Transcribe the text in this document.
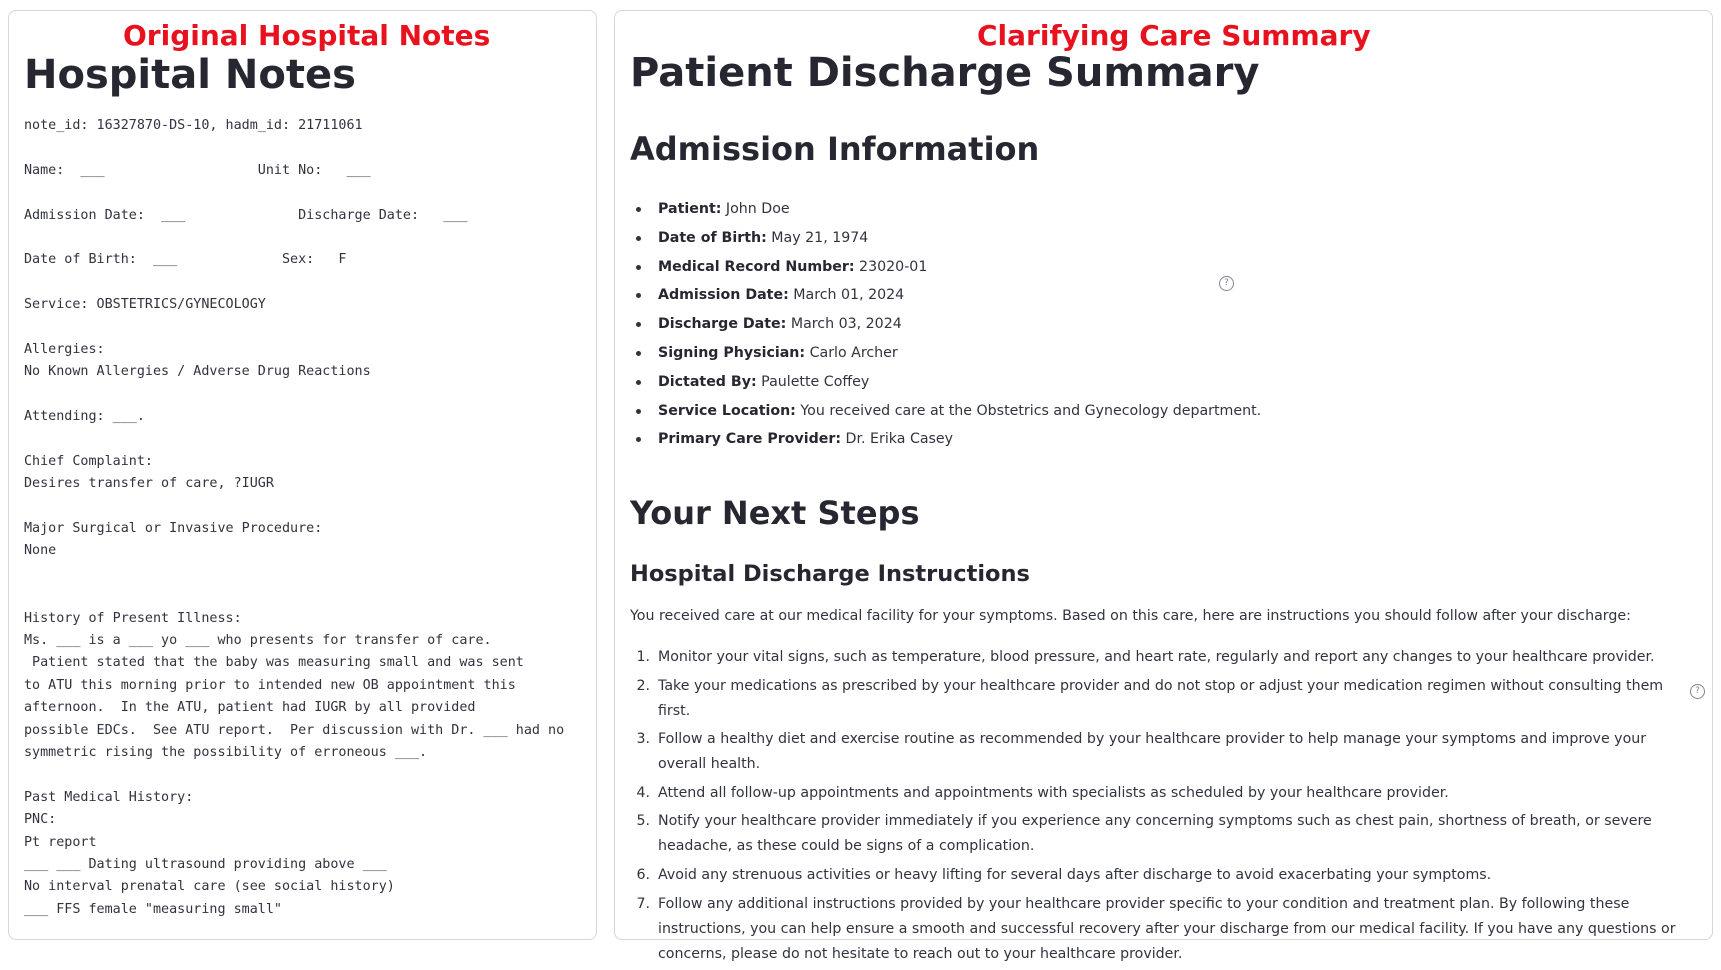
Original Hospital Notes
Hospital Notes
note_id: 16327870-DS-10, hadm_id: 21711061
Name:  ___                   Unit No:   ___
Admission Date:  ___              Discharge Date:   ___
Date of Birth:  ___             Sex:   F
Service: OBSTETRICS/GYNECOLOGY
Allergies:
No Known Allergies / Adverse Drug Reactions
Attending: ___.
Chief Complaint:
Desires transfer of care, ?IUGR
Major Surgical or Invasive Procedure:
None
History of Present Illness:
Ms. ___ is a ___ yo ___ who presents for transfer of care.
Patient stated that the baby was measuring small and was sent
to ATU this morning prior to intended new OB appointment this
afternoon.  In the ATU, patient had IUGR by all provided
possible EDCs.  See ATU report.  Per discussion with Dr. ___ had no
symmetric rising the possibility of erroneous ___.
Past Medical History:
PNC:
Pt report
___ ___ Dating ultrasound providing above ___
No interval prenatal care (see social history)
___ FFS female "measuring small"
Clarifying Care Summary
Patient Discharge Summary
Admission Information
Patient: John Doe
Date of Birth: May 21, 1974
Medical Record Number: 23020-01
Admission Date: March 01, 2024
Discharge Date: March 03, 2024
Signing Physician: Carlo Archer
Dictated By: Paulette Coffey
Service Location: You received care at the Obstetrics and Gynecology department.
Primary Care Provider: Dr. Erika Casey
Your Next Steps
Hospital Discharge Instructions

You received care at our medical facility for your symptoms. Based on this care, here are instructions you should follow after your discharge:

Monitor your vital signs, such as temperature, blood pressure, and heart rate, regularly and report any changes to your healthcare provider.
Take your medications as prescribed by your healthcare provider and do not stop or adjust your medication regimen without consulting them first.
Follow a healthy diet and exercise routine as recommended by your healthcare provider to help manage your symptoms and improve your overall health.
Attend all follow-up appointments and appointments with specialists as scheduled by your healthcare provider.
Notify your healthcare provider immediately if you experience any concerning symptoms such as chest pain, shortness of breath, or severe headache, as these could be signs of a complication.
Avoid any strenuous activities or heavy lifting for several days after discharge to avoid exacerbating your symptoms.
Follow any additional instructions provided by your healthcare provider specific to your condition and treatment plan. By following these instructions, you can help ensure a smooth and successful recovery after your discharge from our medical facility. If you have any questions or concerns, please do not hesitate to reach out to your healthcare provider.
?
?
